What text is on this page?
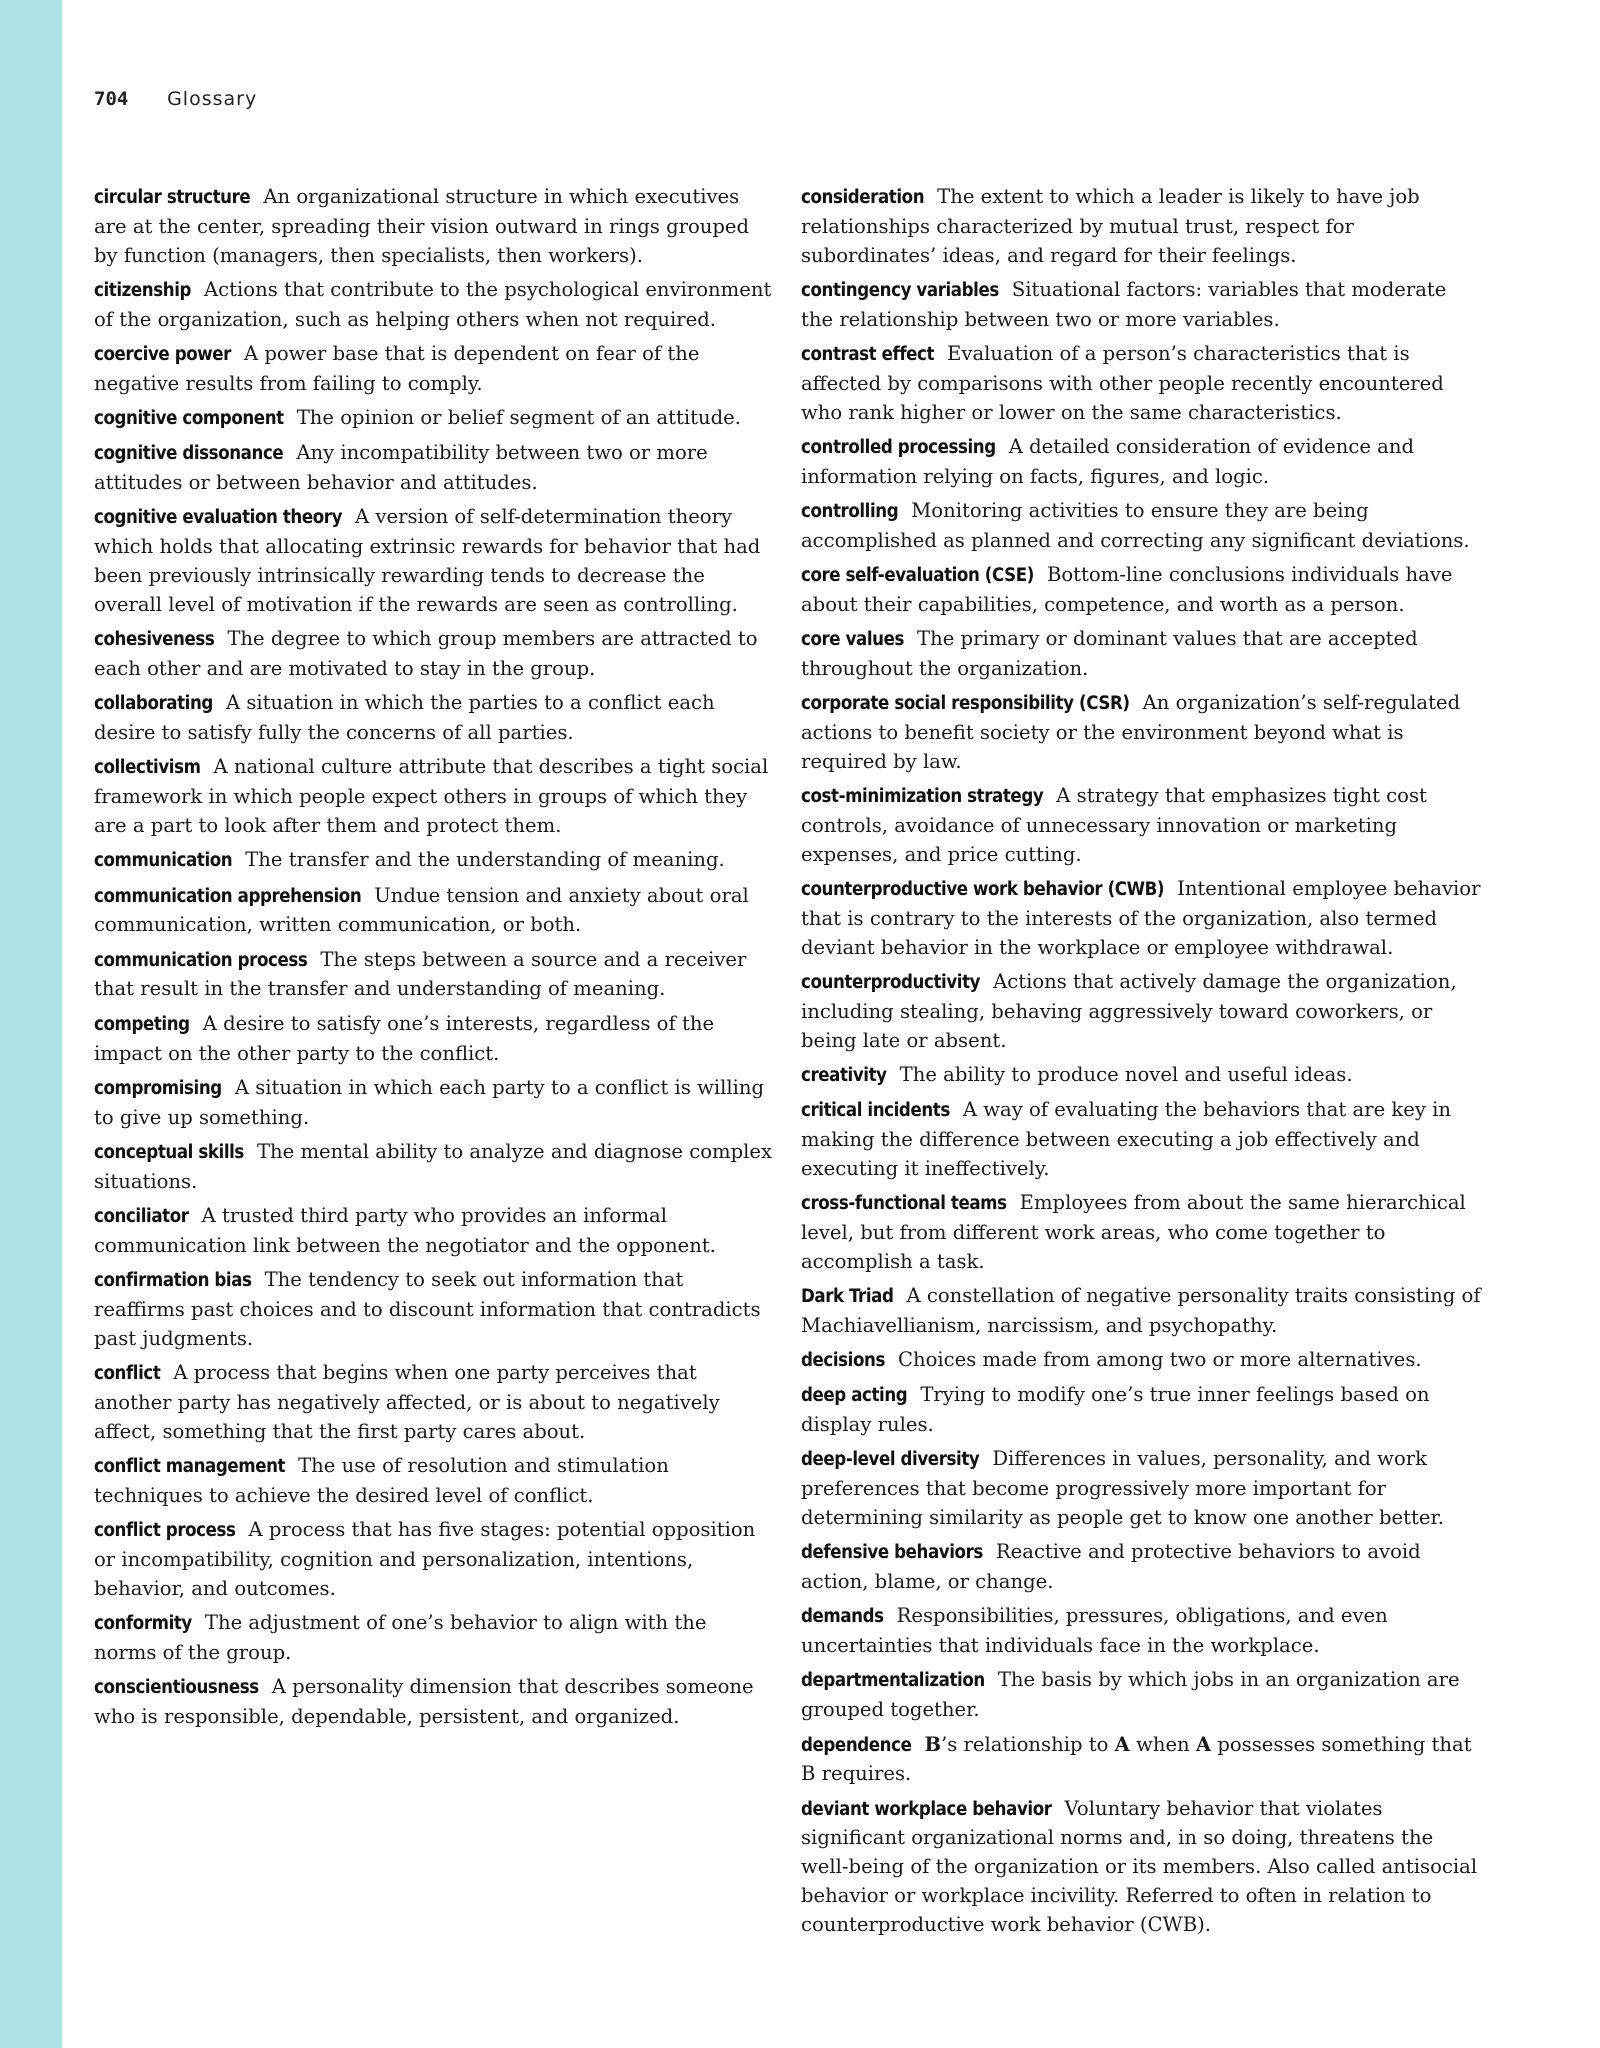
704 Glossary

circular structure An organizational structure in which executives are at the center, spreading their vision outward in rings grouped by function (managers, then specialists, then workers).

citizenship Actions that contribute to the psychological environment of the organization, such as helping others when not required.

coercive power A power base that is dependent on fear of the negative results from failing to comply.

cognitive component The opinion or belief segment of an attitude.

cognitive dissonance Any incompatibility between two or more attitudes or between behavior and attitudes.

cognitive evaluation theory A version of self-determination theory which holds that allocating extrinsic rewards for behavior that had been previously intrinsically rewarding tends to decrease the overall level of motivation if the rewards are seen as controlling.

cohesiveness The degree to which group members are attracted to each other and are motivated to stay in the group.

collaborating A situation in which the parties to a conflict each desire to satisfy fully the concerns of all parties.

collectivism A national culture attribute that describes a tight social framework in which people expect others in groups of which they are a part to look after them and protect them.

communication The transfer and the understanding of meaning.

communication apprehension Undue tension and anxiety about oral communication, written communication, or both.

communication process The steps between a source and a receiver that result in the transfer and understanding of meaning.

competing A desire to satisfy one’s interests, regardless of the impact on the other party to the conflict.

compromising A situation in which each party to a conflict is willing to give up something.

conceptual skills The mental ability to analyze and diagnose complex situations.

conciliator A trusted third party who provides an informal communication link between the negotiator and the opponent.

confirmation bias The tendency to seek out information that reaffirms past choices and to discount information that contradicts past judgments.

conflict A process that begins when one party perceives that another party has negatively affected, or is about to negatively affect, something that the first party cares about.

conflict management The use of resolution and stimulation techniques to achieve the desired level of conflict.

conflict process A process that has five stages: potential opposition or incompatibility, cognition and personalization, intentions, behavior, and outcomes.

conformity The adjustment of one’s behavior to align with the norms of the group.

conscientiousness A personality dimension that describes someone who is responsible, dependable, persistent, and organized.

consideration The extent to which a leader is likely to have job relationships characterized by mutual trust, respect for subordinates’ ideas, and regard for their feelings.

contingency variables Situational factors: variables that moderate the relationship between two or more variables.

contrast effect Evaluation of a person’s characteristics that is affected by comparisons with other people recently encountered who rank higher or lower on the same characteristics.

controlled processing A detailed consideration of evidence and information relying on facts, figures, and logic.

controlling Monitoring activities to ensure they are being accomplished as planned and correcting any significant deviations.

core self-evaluation (CSE) Bottom-line conclusions individuals have about their capabilities, competence, and worth as a person.

core values The primary or dominant values that are accepted throughout the organization.

corporate social responsibility (CSR) An organization’s self-regulated actions to benefit society or the environment beyond what is required by law.

cost-minimization strategy A strategy that emphasizes tight cost controls, avoidance of unnecessary innovation or marketing expenses, and price cutting.

counterproductive work behavior (CWB) Intentional employee behavior that is contrary to the interests of the organization, also termed deviant behavior in the workplace or employee withdrawal.

counterproductivity Actions that actively damage the organization, including stealing, behaving aggressively toward coworkers, or being late or absent.

creativity The ability to produce novel and useful ideas.

critical incidents A way of evaluating the behaviors that are key in making the difference between executing a job effectively and executing it ineffectively.

cross-functional teams Employees from about the same hierarchical level, but from different work areas, who come together to accomplish a task.

Dark Triad A constellation of negative personality traits consisting of Machiavellianism, narcissism, and psychopathy.

decisions Choices made from among two or more alternatives.

deep acting Trying to modify one’s true inner feelings based on display rules.

deep-level diversity Differences in values, personality, and work preferences that become progressively more important for determining similarity as people get to know one another better.

defensive behaviors Reactive and protective behaviors to avoid action, blame, or change.

demands Responsibilities, pressures, obligations, and even uncertainties that individuals face in the workplace.

departmentalization The basis by which jobs in an organization are grouped together.

dependence B’s relationship to A when A possesses something that B requires.

deviant workplace behavior Voluntary behavior that violates significant organizational norms and, in so doing, threatens the well-being of the organization or its members. Also called antisocial behavior or workplace incivility. Referred to often in relation to counterproductive work behavior (CWB).
